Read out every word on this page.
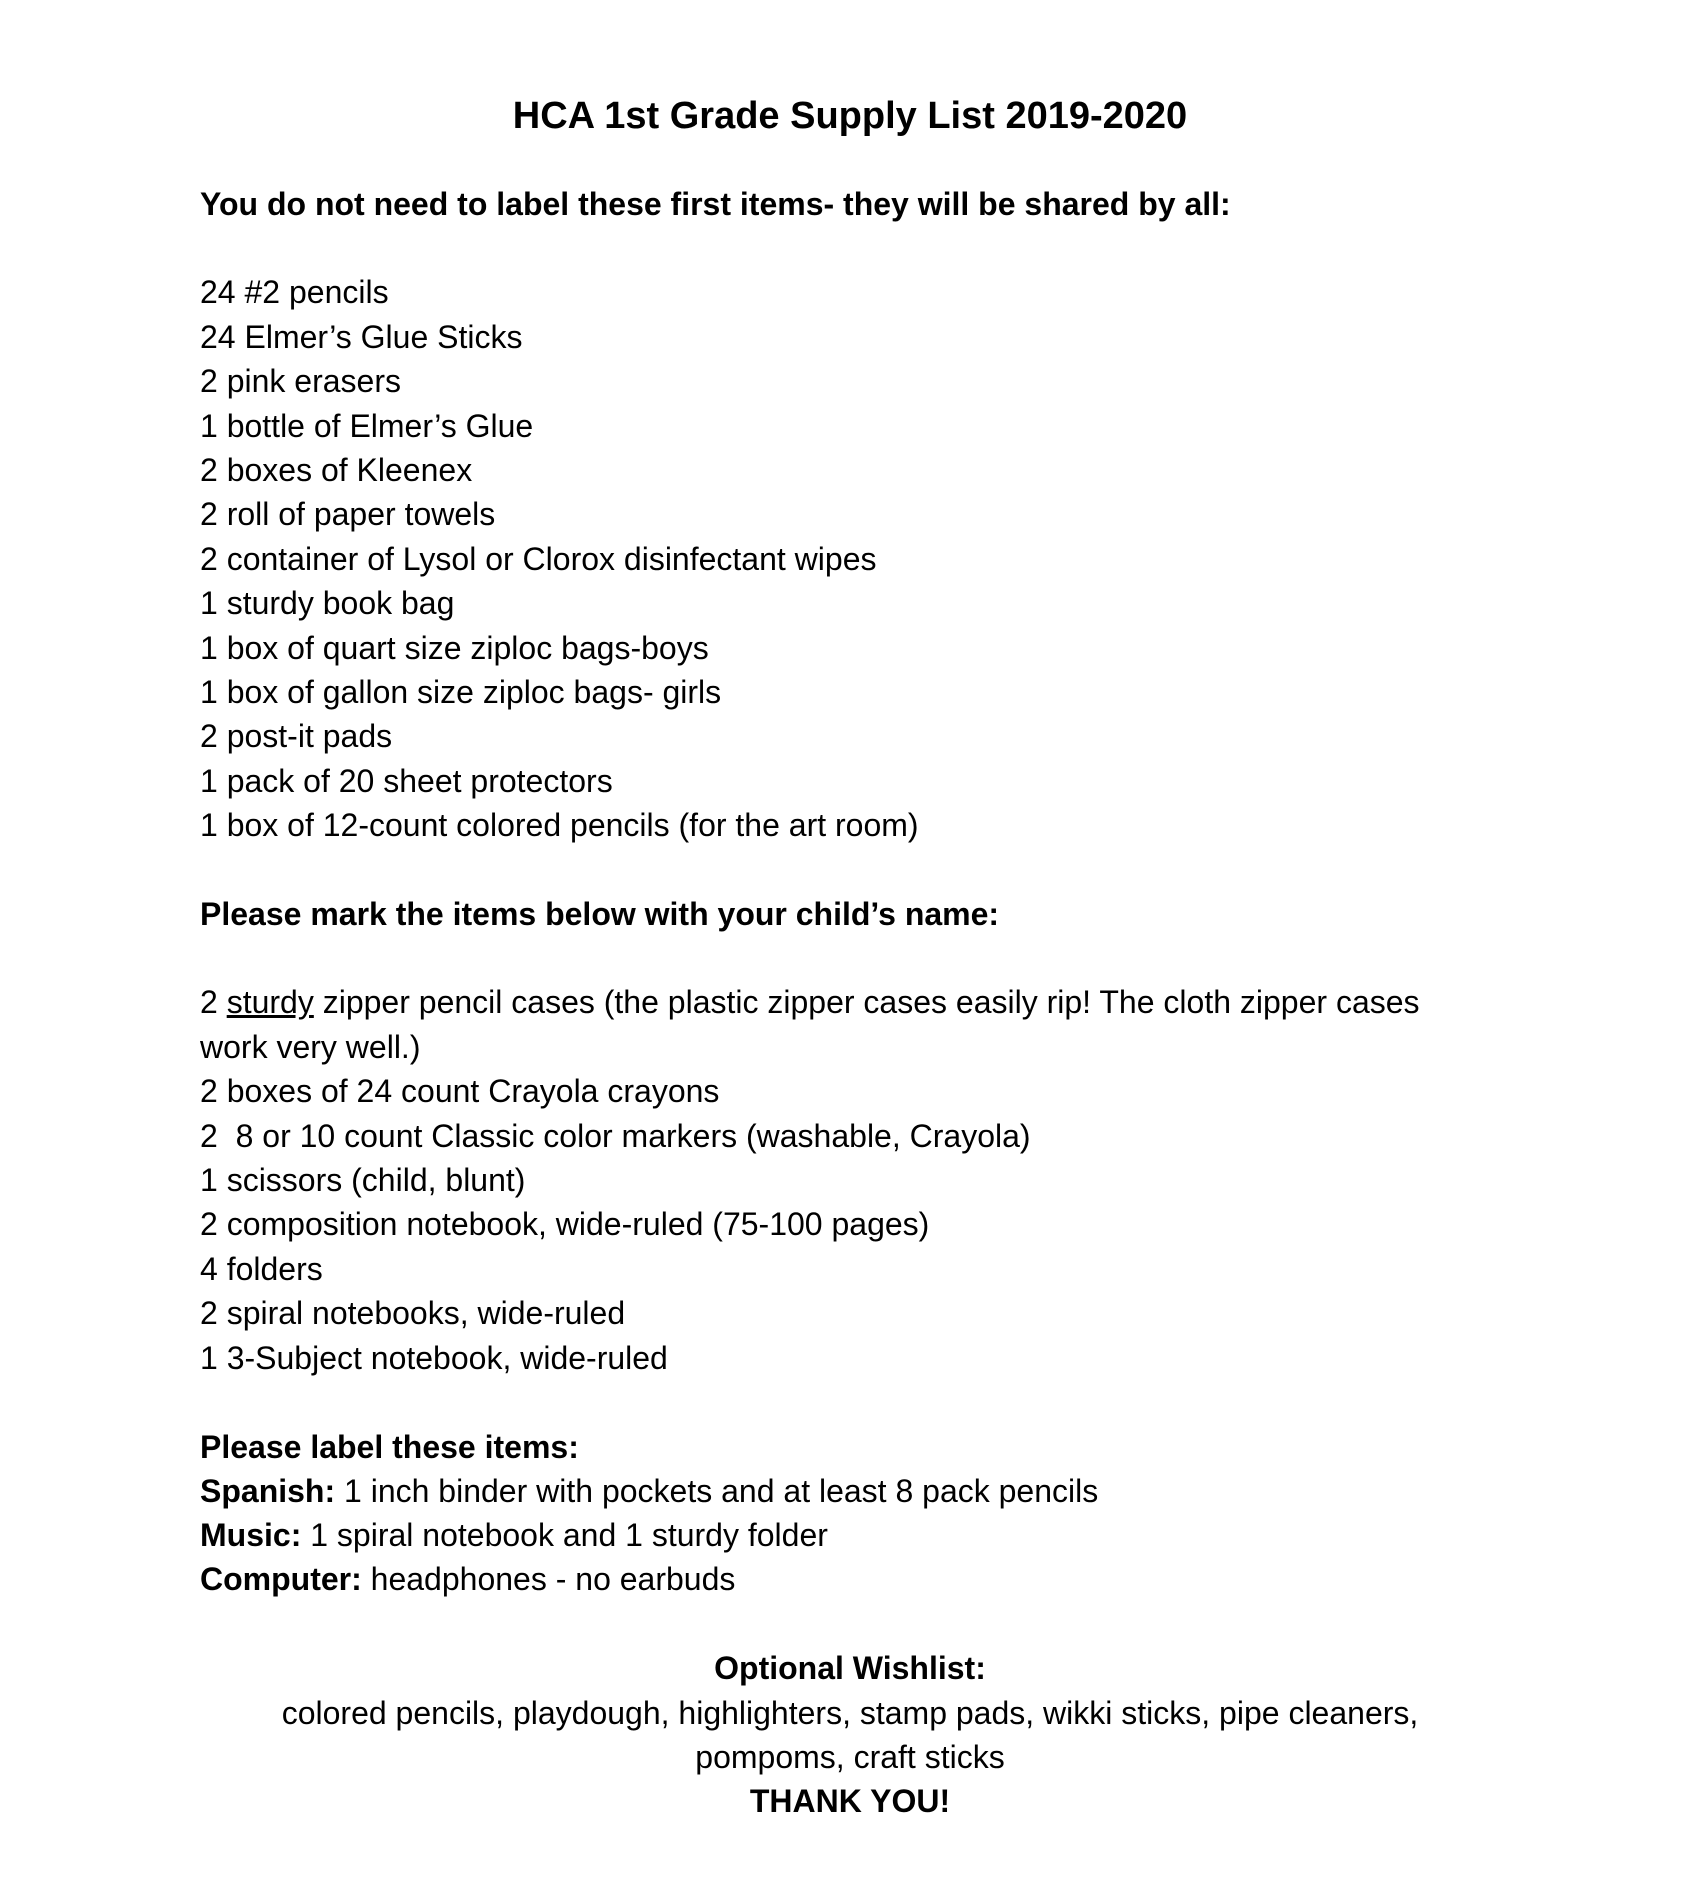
HCA 1st Grade Supply List 2019-2020

You do not need to label these first items- they will be shared by all:

24 #2 pencils
24 Elmer’s Glue Sticks
2 pink erasers
1 bottle of Elmer’s Glue
2 boxes of Kleenex
2 roll of paper towels
2 container of Lysol or Clorox disinfectant wipes
1 sturdy book bag
1 box of quart size ziploc bags-boys
1 box of gallon size ziploc bags- girls
2 post-it pads
1 pack of 20 sheet protectors
1 box of 12-count colored pencils (for the art room)

Please mark the items below with your child’s name:

2 sturdy zipper pencil cases (the plastic zipper cases easily rip! The cloth zipper cases
work very well.)

2 boxes of 24 count Crayola crayons
2  8 or 10 count Classic color markers (washable, Crayola)
1 scissors (child, blunt)
2 composition notebook, wide-ruled (75-100 pages)
4 folders
2 spiral notebooks, wide-ruled
1 3-Subject notebook, wide-ruled

Please label these items:

Spanish: 1 inch binder with pockets and at least 8 pack pencils

Music: 1 spiral notebook and 1 sturdy folder

Computer: headphones - no earbuds

Optional Wishlist:

colored pencils, playdough, highlighters, stamp pads, wikki sticks, pipe cleaners,

pompoms, craft sticks

THANK YOU!
